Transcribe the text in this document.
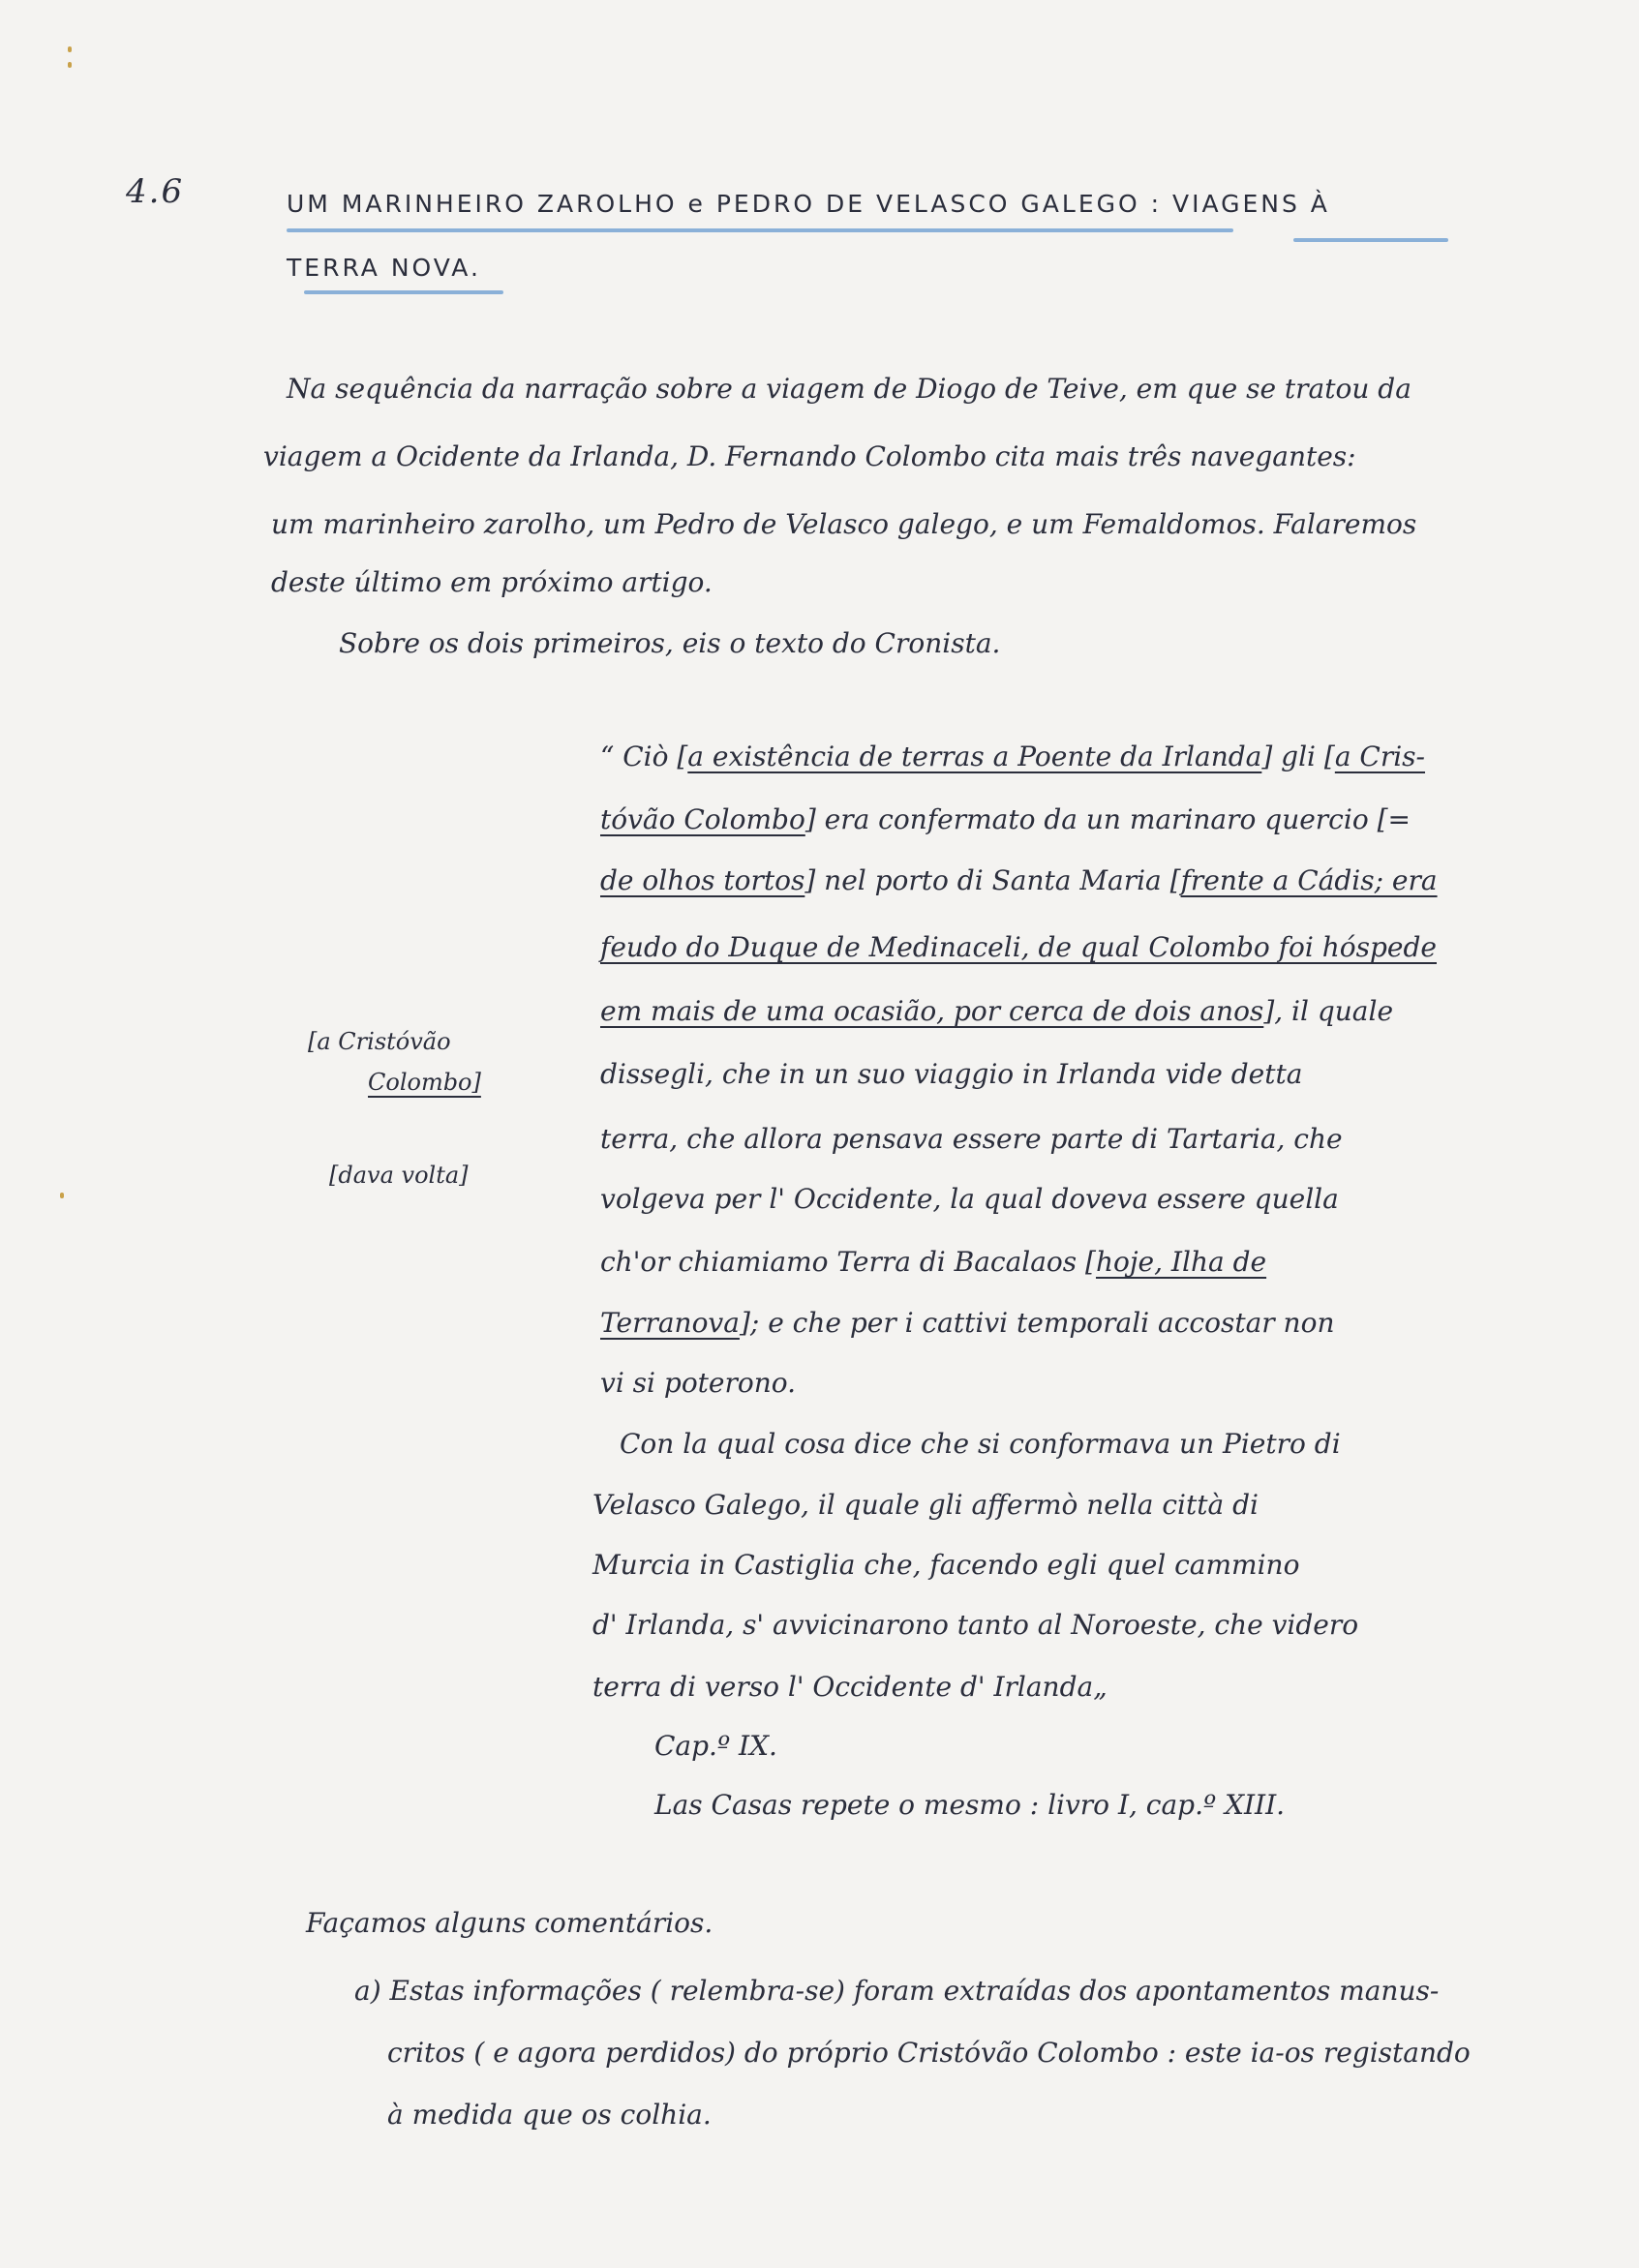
4.6	UM MARINHEIRO ZAROLHO e PEDRO DE VELASCO GALEGO : VIAGENS À
TERRA NOVA.
Na sequência da narração sobre a viagem de Diogo de Teive, em que se tratou da
viagem a Ocidente da Irlanda, D. Fernando Colombo cita mais três navegantes:
um marinheiro zarolho, um Pedro de Velasco galego, e um Femaldomos. Falaremos
deste último em próximo artigo.
Sobre os dois primeiros, eis o texto do Cronista.
“ Ciò [a existência de terras a Poente da Irlanda] gli [a Cris-
tóvão Colombo] era confermato da un marinaro quercio [=
de olhos tortos] nel porto di Santa Maria [frente a Cádis; era
feudo do Duque de Medinaceli, de qual Colombo foi hóspede
em mais de uma ocasião, por cerca de dois anos], il quale
dissegli, che in un suo viaggio in Irlanda vide detta
terra, che allora pensava essere parte di Tartaria, che
volgeva per l' Occidente, la qual doveva essere quella
ch'or chiamiamo Terra di Bacalaos [hoje, Ilha de
Terranova]; e che per i cattivi temporali accostar non
vi si poterono.
Con la qual cosa dice che si conformava un Pietro di
Velasco Galego, il quale gli affermò nella città di
Murcia in Castiglia che, facendo egli quel cammino
d' Irlanda, s' avvicinarono tanto al Noroeste, che videro
terra di verso l' Occidente d' Irlanda„
Cap.º IX.
Las Casas repete o mesmo : livro I, cap.º XIII.
[a Cristóvão
Colombo]
[dava volta]
Façamos alguns comentários.
a) Estas informações ( relembra-se) foram extraídas dos apontamentos manus-
critos ( e agora perdidos) do próprio Cristóvão Colombo : este ia-os registando
à medida que os colhia.
